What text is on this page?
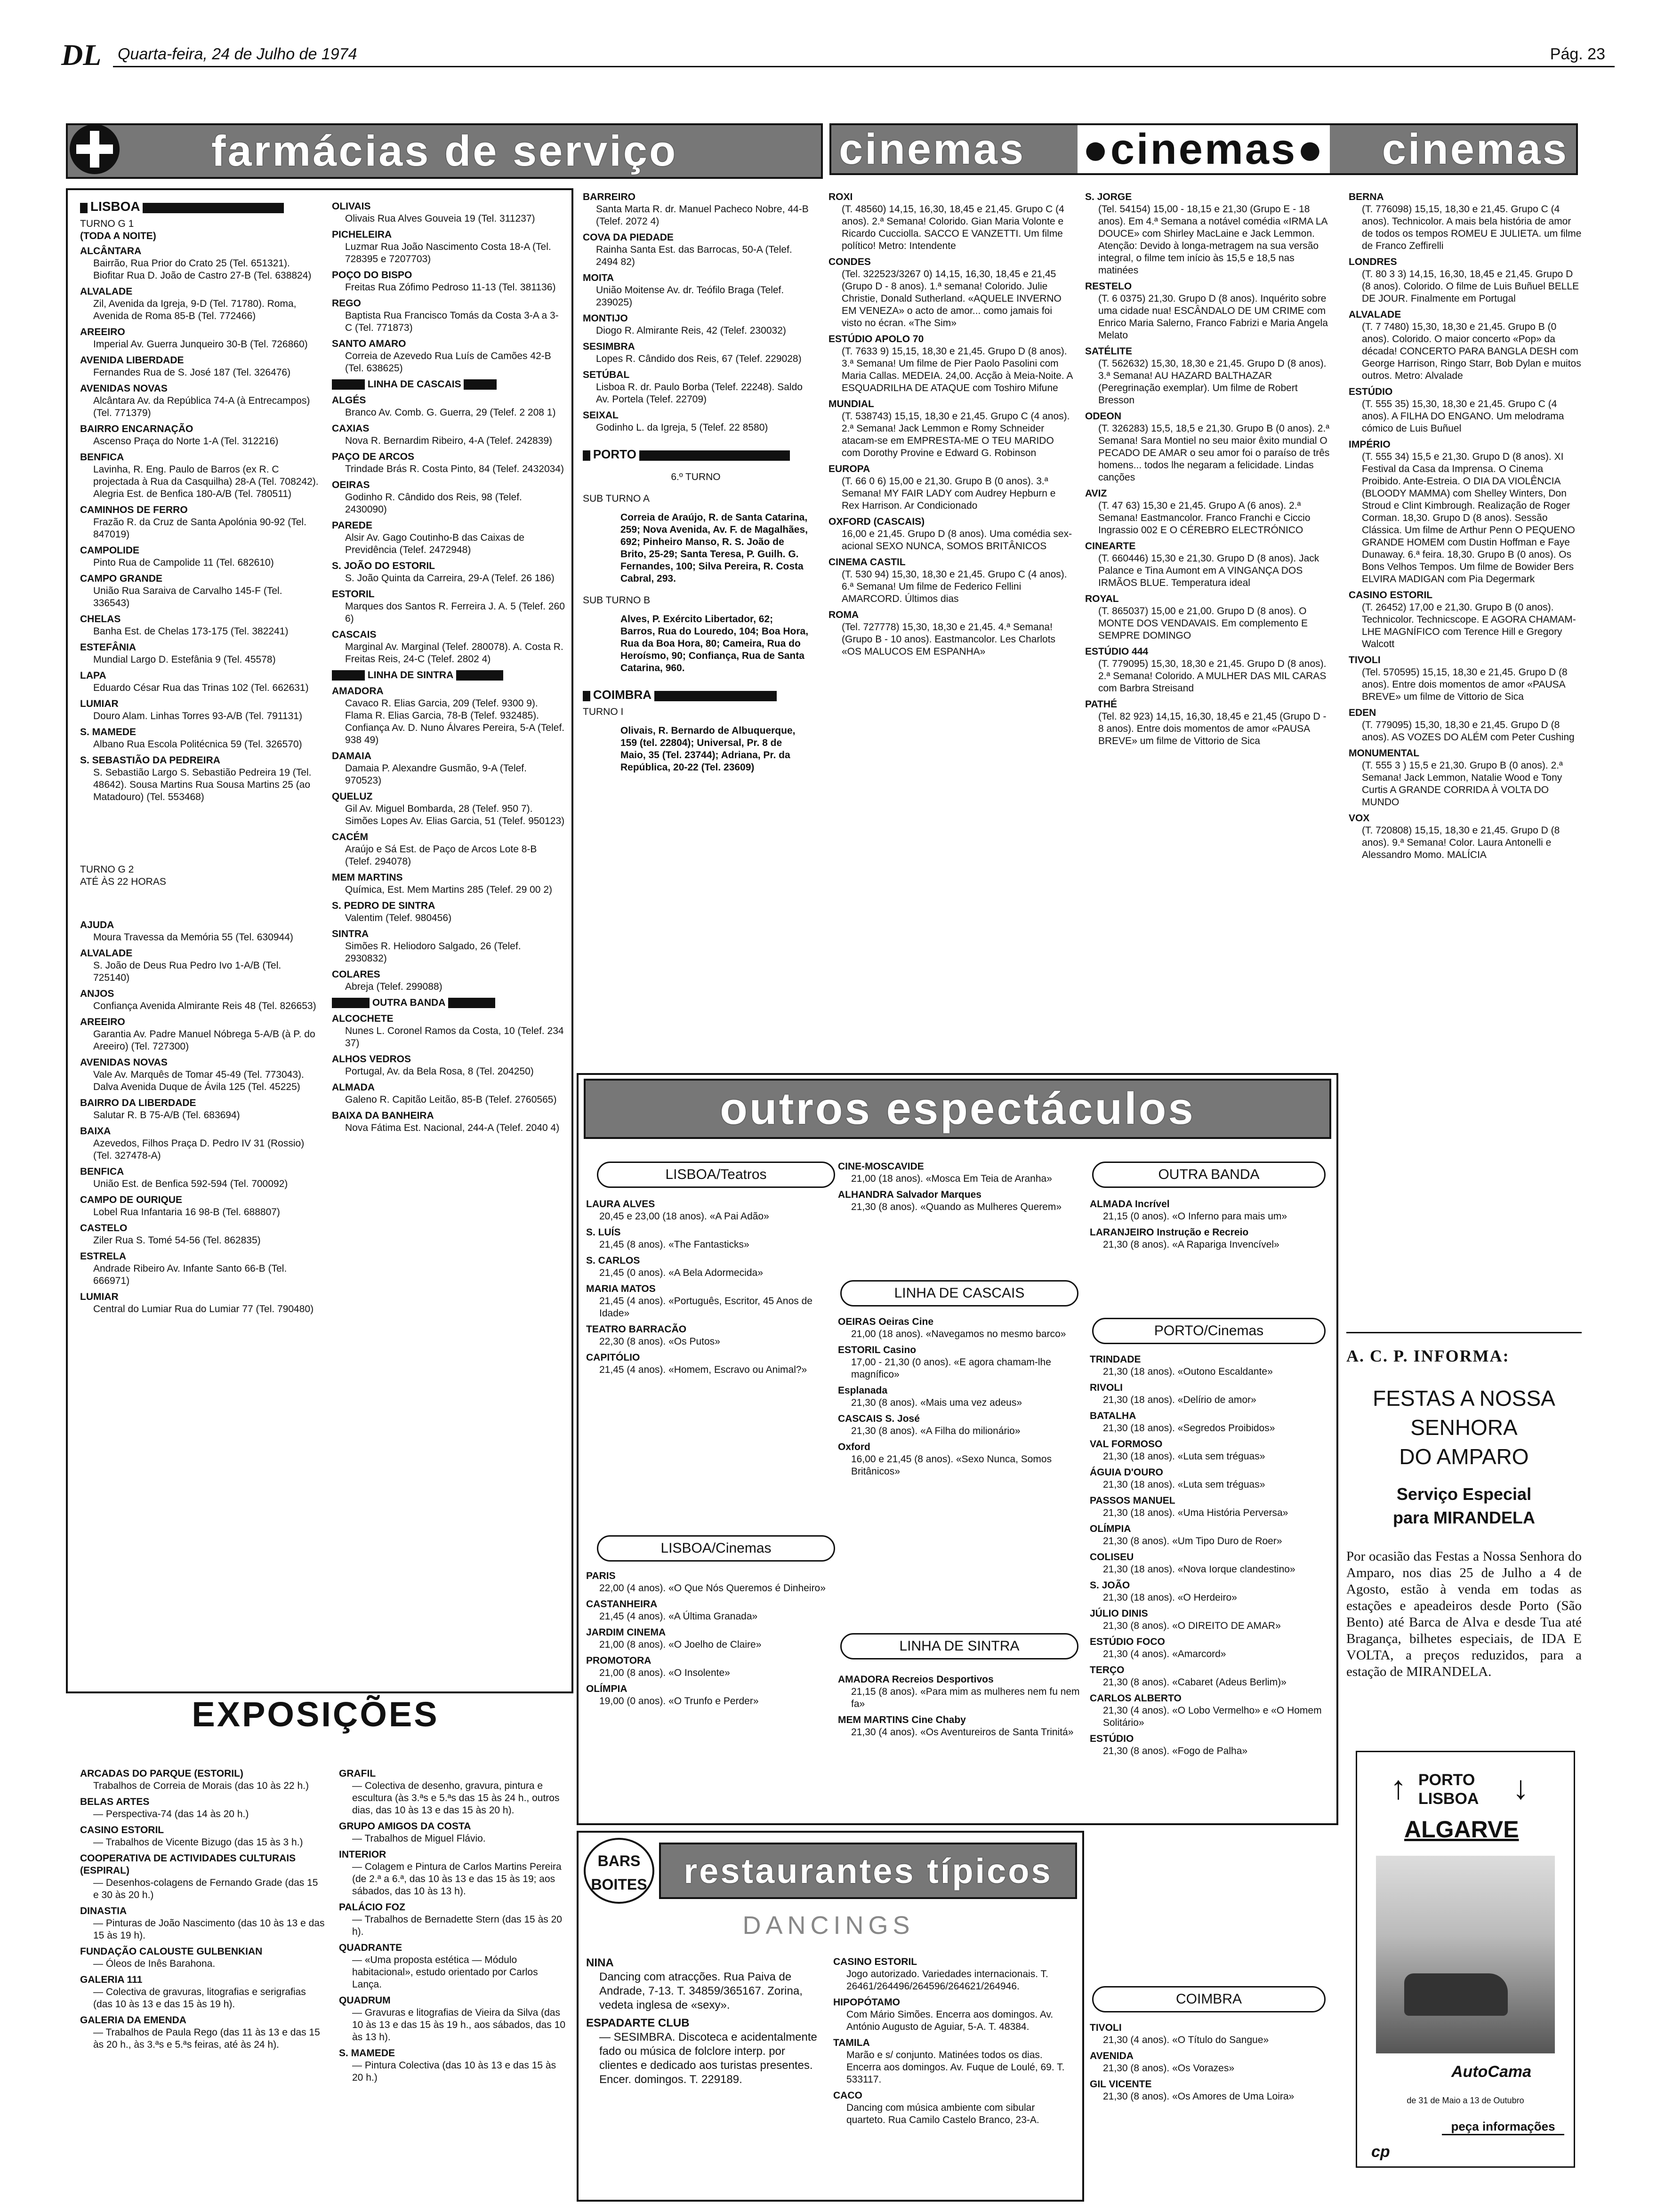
DL Quarta-feira, 24 de Julho de 1974	Pág. 23
farmácias de serviço
LISBOA

TURNO G 1

(TODA A NOITE)

ALCÂNTARA
Bairrão, Rua Prior do Crato 25 (Tel. 651321). Biofitar Rua D. João de Castro 27-B (Tel. 638824)
ALVALADE
Zil, Avenida da Igreja, 9-D (Tel. 71780). Roma, Avenida de Roma 85-B (Tel. 772466)
AREEIRO
Imperial Av. Guerra Junqueiro 30-B (Tel. 726860)
AVENIDA LIBERDADE
Fernandes Rua de S. José 187 (Tel. 326476)
AVENIDAS NOVAS
Alcântara Av. da República 74-A (à Entrecampos) (Tel. 771379)
BAIRRO ENCARNAÇÃO
Ascenso Praça do Norte 1-A (Tel. 312216)
BENFICA
Lavinha, R. Eng. Paulo de Barros (ex R. C projectada à Rua da Casquilha) 28-A (Tel. 708242). Alegria Est. de Benfica 180-A/B (Tel. 780511)
CAMINHOS DE FERRO
Frazão R. da Cruz de Santa Apolónia 90-92 (Tel. 847019)
CAMPOLIDE
Pinto Rua de Campolide 11 (Tel. 682610)
CAMPO GRANDE
União Rua Saraiva de Carvalho 145-F (Tel. 336543)
CHELAS
Banha Est. de Chelas 173-175 (Tel. 382241)
ESTEFÂNIA
Mundial Largo D. Estefânia 9 (Tel. 45578)
LAPA
Eduardo César Rua das Trinas 102 (Tel. 662631)
LUMIAR
Douro Alam. Linhas Torres 93-A/B (Tel. 791131)
S. MAMEDE
Albano Rua Escola Politécnica 59 (Tel. 326570)
S. SEBASTIÃO DA PEDREIRA
S. Sebastião Largo S. Sebastião Pedreira 19 (Tel. 48642). Sousa Martins Rua Sousa Martins 25 (ao Matadouro) (Tel. 553468)

TURNO G 2

ATÉ ÀS 22 HORAS

AJUDA
Moura Travessa da Memória 55 (Tel. 630944)
ALVALADE
S. João de Deus Rua Pedro Ivo 1-A/B (Tel. 725140)
ANJOS
Confiança Avenida Almirante Reis 48 (Tel. 826653)
AREEIRO
Garantia Av. Padre Manuel Nóbrega 5-A/B (à P. do Areeiro) (Tel. 727300)
AVENIDAS NOVAS
Vale Av. Marquês de Tomar 45-49 (Tel. 773043). Dalva Avenida Duque de Ávila 125 (Tel. 45225)
BAIRRO DA LIBERDADE
Salutar R. B 75-A/B (Tel. 683694)
BAIXA
Azevedos, Filhos Praça D. Pedro IV 31 (Rossio) (Tel. 327478-A)
BENFICA
União Est. de Benfica 592-594 (Tel. 700092)
CAMPO DE OURIQUE
Lobel Rua Infantaria 16 98-B (Tel. 688807)
CASTELO
Ziler Rua S. Tomé 54-56 (Tel. 862835)
ESTRELA
Andrade Ribeiro Av. Infante Santo 66-B (Tel. 666971)
LUMIAR
Central do Lumiar Rua do Lumiar 77 (Tel. 790480)
OLIVAIS
Olivais Rua Alves Gouveia 19 (Tel. 311237)
PICHELEIRA
Luzmar Rua João Nascimento Costa 18-A (Tel. 728395 e 7207703)
POÇO DO BISPO
Freitas Rua Zófimo Pedroso 11-13 (Tel. 381136)
REGO
Baptista Rua Francisco Tomás da Costa 3-A a 3-C (Tel. 771873)
SANTO AMARO
Correia de Azevedo Rua Luís de Camões 42-B (Tel. 638625)
LINHA DE CASCAIS
ALGÉS
Branco Av. Comb. G. Guerra, 29 (Telef. 2 208 1)
CAXIAS
Nova R. Bernardim Ribeiro, 4-A (Telef. 242839)
PAÇO DE ARCOS
Trindade Brás R. Costa Pinto, 84 (Telef. 2432034)
OEIRAS
Godinho R. Cândido dos Reis, 98 (Telef. 2430090)
PAREDE
Alsir Av. Gago Coutinho-B das Caixas de Previdência (Telef. 2472948)
S. JOÃO DO ESTORIL
S. João Quinta da Carreira, 29-A (Telef. 26 186)
ESTORIL
Marques dos Santos R. Ferreira J. A. 5 (Telef. 260 6)
CASCAIS
Marginal Av. Marginal (Telef. 280078). A. Costa R. Freitas Reis, 24-C (Telef. 2802 4)
LINHA DE SINTRA
AMADORA
Cavaco R. Elias Garcia, 209 (Telef. 9300 9). Flama R. Elias Garcia, 78-B (Telef. 932485). Confiança Av. D. Nuno Álvares Pereira, 5-A (Telef. 938 49)
DAMAIA
Damaia P. Alexandre Gusmão, 9-A (Telef. 970523)
QUELUZ
Gil Av. Miguel Bombarda, 28 (Telef. 950 7). Simões Lopes Av. Elias Garcia, 51 (Telef. 950123)
CACÉM
Araújo e Sá Est. de Paço de Arcos Lote 8-B (Telef. 294078)
MEM MARTINS
Química, Est. Mem Martins 285 (Telef. 29 00 2)
S. PEDRO DE SINTRA
Valentim (Telef. 980456)
SINTRA
Simões R. Heliodoro Salgado, 26 (Telef. 2930832)
COLARES
Abreja (Telef. 299088)
OUTRA BANDA
ALCOCHETE
Nunes L. Coronel Ramos da Costa, 10 (Telef. 234 37)
ALHOS VEDROS
Portugal, Av. da Bela Rosa, 8 (Tel. 204250)
ALMADA
Galeno R. Capitão Leitão, 85-B (Telef. 2760565)
BAIXA DA BANHEIRA
Nova Fátima Est. Nacional, 244-A (Telef. 2040 4)
BARREIRO
Santa Marta R. dr. Manuel Pacheco Nobre, 44-B (Telef. 2072 4)
COVA DA PIEDADE
Rainha Santa Est. das Barrocas, 50-A (Telef. 2494 82)
MOITA
União Moitense Av. dr. Teófilo Braga (Telef. 239025)
MONTIJO
Diogo R. Almirante Reis, 42 (Telef. 230032)
SESIMBRA
Lopes R. Cândido dos Reis, 67 (Telef. 229028)
SETÚBAL
Lisboa R. dr. Paulo Borba (Telef. 22248). Saldo Av. Portela (Telef. 22709)
SEIXAL
Godinho L. da Igreja, 5 (Telef. 22 8580)
PORTO

6.º TURNO

SUB TURNO A

Correia de Araújo, R. de Santa Catarina, 259; Nova Avenida, Av. F. de Magalhães, 692; Pinheiro Manso, R. S. João de Brito, 25-29; Santa Teresa, P. Guilh. G. Fernandes, 100; Silva Pereira, R. Costa Cabral, 293.

SUB TURNO B

Alves, P. Exército Libertador, 62; Barros, Rua do Louredo, 104; Boa Hora, Rua da Boa Hora, 80; Cameira, Rua do Heroísmo, 90; Confiança, Rua de Santa Catarina, 960.

COIMBRA

TURNO I

Olivais, R. Bernardo de Albuquerque, 159 (tel. 22804); Universal, Pr. 8 de Maio, 35 (Tel. 23744); Adriana, Pr. da República, 20-22 (Tel. 23609)

cinemas ●cinemas● cinemas
ROXI
(T. 48560) 14,15, 16,30, 18,45 e 21,45. Grupo C (4 anos). 2.ª Semana! Colorido. Gian Maria Volonte e Ricardo Cucciolla. SACCO E VANZETTI. Um filme político! Metro: Intendente
CONDES
(Tel. 322523/3267 0) 14,15, 16,30, 18,45 e 21,45 (Grupo D - 8 anos). 1.ª semana! Colorido. Julie Christie, Donald Sutherland. «AQUELE INVERNO EM VENEZA» o acto de amor... como jamais foi visto no écran. «The Sim»
ESTÚDIO APOLO 70
(T. 7633 9) 15,15, 18,30 e 21,45. Grupo D (8 anos). 3.ª Semana! Um filme de Pier Paolo Pasolini com Maria Callas. MEDEIA. 24,00. Acção à Meia-Noite. A ESQUADRILHA DE ATAQUE com Toshiro Mifune
MUNDIAL
(T. 538743) 15,15, 18,30 e 21,45. Grupo C (4 anos). 2.ª Semana! Jack Lemmon e Romy Schneider atacam-se em EMPRESTA-ME O TEU MARIDO com Dorothy Provine e Edward G. Robinson
EUROPA
(T. 66 0 6) 15,00 e 21,30. Grupo B (0 anos). 3.ª Semana! MY FAIR LADY com Audrey Hepburn e Rex Harrison. Ar Condicionado
OXFORD (CASCAIS)
16,00 e 21,45. Grupo D (8 anos). Uma comédia sex-acional SEXO NUNCA, SOMOS BRITÂNICOS
CINEMA CASTIL
(T. 530 94) 15,30, 18,30 e 21,45. Grupo C (4 anos). 6.ª Semana! Um filme de Federico Fellini AMARCORD. Últimos dias
ROMA
(Tel. 727778) 15,30, 18,30 e 21,45. 4.ª Semana! (Grupo B - 10 anos). Eastmancolor. Les Charlots «OS MALUCOS EM ESPANHA»
S. JORGE
(Tel. 54154) 15,00 - 18,15 e 21,30 (Grupo E - 18 anos). Em 4.ª Semana a notável comédia «IRMA LA DOUCE» com Shirley MacLaine e Jack Lemmon. Atenção: Devido à longa-metragem na sua versão integral, o filme tem início às 15,5 e 18,5 nas matinées
RESTELO
(T. 6 0375) 21,30. Grupo D (8 anos). Inquérito sobre uma cidade nua! ESCÂNDALO DE UM CRIME com Enrico Maria Salerno, Franco Fabrizi e Maria Angela Melato
SATÉLITE
(T. 562632) 15,30, 18,30 e 21,45. Grupo D (8 anos). 3.ª Semana! AU HAZARD BALTHAZAR (Peregrinação exemplar). Um filme de Robert Bresson
ODEON
(T. 326283) 15,5, 18,5 e 21,30. Grupo B (0 anos). 2.ª Semana! Sara Montiel no seu maior êxito mundial O PECADO DE AMAR o seu amor foi o paraíso de três homens... todos lhe negaram a felicidade. Lindas canções
AVIZ
(T. 47 63) 15,30 e 21,45. Grupo A (6 anos). 2.ª Semana! Eastmancolor. Franco Franchi e Ciccio Ingrassio 002 E O CÉREBRO ELECTRÓNICO
CINEARTE
(T. 660446) 15,30 e 21,30. Grupo D (8 anos). Jack Palance e Tina Aumont em A VINGANÇA DOS IRMÃOS BLUE. Temperatura ideal
ROYAL
(T. 865037) 15,00 e 21,00. Grupo D (8 anos). O MONTE DOS VENDAVAIS. Em complemento E SEMPRE DOMINGO
ESTÚDIO 444
(T. 779095) 15,30, 18,30 e 21,45. Grupo D (8 anos). 2.ª Semana! Colorido. A MULHER DAS MIL CARAS com Barbra Streisand
PATHÉ
(Tel. 82 923) 14,15, 16,30, 18,45 e 21,45 (Grupo D - 8 anos). Entre dois momentos de amor «PAUSA BREVE» um filme de Vittorio de Sica
BERNA
(T. 776098) 15,15, 18,30 e 21,45. Grupo C (4 anos). Technicolor. A mais bela história de amor de todos os tempos ROMEU E JULIETA. um filme de Franco Zeffirelli
LONDRES
(T. 80 3 3) 14,15, 16,30, 18,45 e 21,45. Grupo D (8 anos). Colorido. O filme de Luis Buñuel BELLE DE JOUR. Finalmente em Portugal
ALVALADE
(T. 7 7480) 15,30, 18,30 e 21,45. Grupo B (0 anos). Colorido. O maior concerto «Pop» da década! CONCERTO PARA BANGLA DESH com George Harrison, Ringo Starr, Bob Dylan e muitos outros. Metro: Alvalade
ESTÚDIO
(T. 555 35) 15,30, 18,30 e 21,45. Grupo C (4 anos). A FILHA DO ENGANO. Um melodrama cómico de Luis Buñuel
IMPÉRIO
(T. 555 34) 15,5 e 21,30. Grupo D (8 anos). XI Festival da Casa da Imprensa. O Cinema Proibido. Ante-Estreia. O DIA DA VIOLÊNCIA (BLOODY MAMMA) com Shelley Winters, Don Stroud e Clint Kimbrough. Realização de Roger Corman. 18,30. Grupo D (8 anos). Sessão Clássica. Um filme de Arthur Penn O PEQUENO GRANDE HOMEM com Dustin Hoffman e Faye Dunaway. 6.ª feira. 18,30. Grupo B (0 anos). Os Bons Velhos Tempos. Um filme de Bowider Bers ELVIRA MADIGAN com Pia Degermark
CASINO ESTORIL
(T. 26452) 17,00 e 21,30. Grupo B (0 anos). Technicolor. Technicscope. E AGORA CHAMAM-LHE MAGNÍFICO com Terence Hill e Gregory Walcott
TIVOLI
(Tel. 570595) 15,15, 18,30 e 21,45. Grupo D (8 anos). Entre dois momentos de amor «PAUSA BREVE» um filme de Vittorio de Sica
EDEN
(T. 779095) 15,30, 18,30 e 21,45. Grupo D (8 anos). AS VOZES DO ALÉM com Peter Cushing
MONUMENTAL
(T. 555 3 ) 15,5 e 21,30. Grupo B (0 anos). 2.ª Semana! Jack Lemmon, Natalie Wood e Tony Curtis A GRANDE CORRIDA À VOLTA DO MUNDO
VOX
(T. 720808) 15,15, 18,30 e 21,45. Grupo D (8 anos). 9.ª Semana! Color. Laura Antonelli e Alessandro Momo. MALÍCIA
outros espectáculos
LISBOA/Teatros
LAURA ALVES
20,45 e 23,00 (18 anos). «A Pai Adão»
S. LUÍS
21,45 (8 anos). «The Fantasticks»
S. CARLOS
21,45 (0 anos). «A Bela Adormecida»
MARIA MATOS
21,45 (4 anos). «Português, Escritor, 45 Anos de Idade»
TEATRO BARRACÃO
22,30 (8 anos). «Os Putos»
CAPITÓLIO
21,45 (4 anos). «Homem, Escravo ou Animal?»
LISBOA/Cinemas
PARIS
22,00 (4 anos). «O Que Nós Queremos é Dinheiro»
CASTANHEIRA
21,45 (4 anos). «A Última Granada»
JARDIM CINEMA
21,00 (8 anos). «O Joelho de Claire»
PROMOTORA
21,00 (8 anos). «O Insolente»
OLÍMPIA
19,00 (0 anos). «O Trunfo e Perder»
CINE-MOSCAVIDE
21,00 (18 anos). «Mosca Em Teia de Aranha»
ALHANDRA Salvador Marques
21,30 (8 anos). «Quando as Mulheres Querem»
LINHA DE CASCAIS
OEIRAS Oeiras Cine
21,00 (18 anos). «Navegamos no mesmo barco»
ESTORIL Casino
17,00 - 21,30 (0 anos). «E agora chamam-lhe magnífico»
Esplanada
21,30 (8 anos). «Mais uma vez adeus»
CASCAIS S. José
21,30 (8 anos). «A Filha do milionário»
Oxford
16,00 e 21,45 (8 anos). «Sexo Nunca, Somos Britânicos»
LINHA DE SINTRA
AMADORA Recreios Desportivos
21,15 (8 anos). «Para mim as mulheres nem fu nem fa»
MEM MARTINS Cine Chaby
21,30 (4 anos). «Os Aventureiros de Santa Trinitá»
OUTRA BANDA
ALMADA Incrível
21,15 (0 anos). «O Inferno para mais um»
LARANJEIRO Instrução e Recreio
21,30 (8 anos). «A Rapariga Invencível»
PORTO/Cinemas
TRINDADE
21,30 (18 anos). «Outono Escaldante»
RIVOLI
21,30 (18 anos). «Delírio de amor»
BATALHA
21,30 (18 anos). «Segredos Proibidos»
VAL FORMOSO
21,30 (18 anos). «Luta sem tréguas»
ÁGUIA D'OURO
21,30 (18 anos). «Luta sem tréguas»
PASSOS MANUEL
21,30 (18 anos). «Uma História Perversa»
OLÍMPIA
21,30 (8 anos). «Um Tipo Duro de Roer»
COLISEU
21,30 (18 anos). «Nova Iorque clandestino»
S. JOÃO
21,30 (18 anos). «O Herdeiro»
JÚLIO DINIS
21,30 (8 anos). «O DIREITO DE AMAR»
ESTÚDIO FOCO
21,30 (4 anos). «Amarcord»
TERÇO
21,30 (8 anos). «Cabaret (Adeus Berlim)»
CARLOS ALBERTO
21,30 (4 anos). «O Lobo Vermelho» e «O Homem Solitário»
ESTÚDIO
21,30 (8 anos). «Fogo de Palha»
COIMBRA
TIVOLI
21,30 (4 anos). «O Título do Sangue»
AVENIDA
21,30 (8 anos). «Os Vorazes»
GIL VICENTE
21,30 (8 anos). «Os Amores de Uma Loira»
EXPOSIÇÕES
ARCADAS DO PARQUE (ESTORIL)
Trabalhos de Correia de Morais (das 10 às 22 h.)
BELAS ARTES
— Perspectiva-74 (das 14 às 20 h.)
CASINO ESTORIL
— Trabalhos de Vicente Bizugo (das 15 às 3 h.)
COOPERATIVA DE ACTIVIDADES CULTURAIS (ESPIRAL)
— Desenhos-colagens de Fernando Grade (das 15 e 30 às 20 h.)
DINASTIA
— Pinturas de João Nascimento (das 10 às 13 e das 15 às 19 h).
FUNDAÇÃO CALOUSTE GULBENKIAN
— Óleos de Inês Barahona.
GALERIA 111
— Colectiva de gravuras, litografias e serigrafias (das 10 às 13 e das 15 às 19 h).
GALERIA DA EMENDA
— Trabalhos de Paula Rego (das 11 às 13 e das 15 às 20 h., às 3.ªs e 5.ªs feiras, até às 24 h).
GRAFIL
— Colectiva de desenho, gravura, pintura e escultura (às 3.ªs e 5.ªs das 15 às 24 h., outros dias, das 10 às 13 e das 15 às 20 h).
GRUPO AMIGOS DA COSTA
— Trabalhos de Miguel Flávio.
INTERIOR
— Colagem e Pintura de Carlos Martins Pereira (de 2.ª a 6.ª, das 10 às 13 e das 15 às 19; aos sábados, das 10 às 13 h).
PALÁCIO FOZ
— Trabalhos de Bernadette Stern (das 15 às 20 h).
QUADRANTE
— «Uma proposta estética — Módulo habitacional», estudo orientado por Carlos Lança.
QUADRUM
— Gravuras e litografias de Vieira da Silva (das 10 às 13 e das 15 às 19 h., aos sábados, das 10 às 13 h).
S. MAMEDE
— Pintura Colectiva (das 10 às 13 e das 15 às 20 h.)
BARS
BOITES restaurantes típicos
DANCINGS
NINA
Dancing com atracções. Rua Paiva de Andrade, 7-13. T. 34859/365167. Zorina, vedeta inglesa de «sexy».
ESPADARTE CLUB
— SESIMBRA. Discoteca e acidentalmente fado ou música de folclore interp. por clientes e dedicado aos turistas presentes. Encer. domingos. T. 229189.
CASINO ESTORIL
Jogo autorizado. Variedades internacionais. T. 26461/264496/264596/264621/264946.
HIPOPÓTAMO
Com Mário Simões. Encerra aos domingos. Av. António Augusto de Aguiar, 5-A. T. 48384.
TAMILA
Marão e s/ conjunto. Matinées todos os dias. Encerra aos domingos. Av. Fuque de Loulé, 69. T. 533117.
CACO
Dancing com música ambiente com sibular quarteto. Rua Camilo Castelo Branco, 23-A.
A. C. P. INFORMA:
FESTAS A NOSSA
SENHORA
DO AMPARO
Serviço Especial
para MIRANDELA
Por ocasião das Festas a Nossa Senhora do Amparo, nos dias 25 de Julho a 4 de Agosto, estão à venda em todas as estações e apeadeiros desde Porto (São Bento) até Barca de Alva e desde Tua até Bragança, bilhetes especiais, de IDA E VOLTA, a preços reduzidos, para a estação de MIRANDELA.
PORTO
LISBOA
↑	↓
ALGARVE
AutoCama
de 31 de Maio a 13 de Outubro
peça informações
cp
